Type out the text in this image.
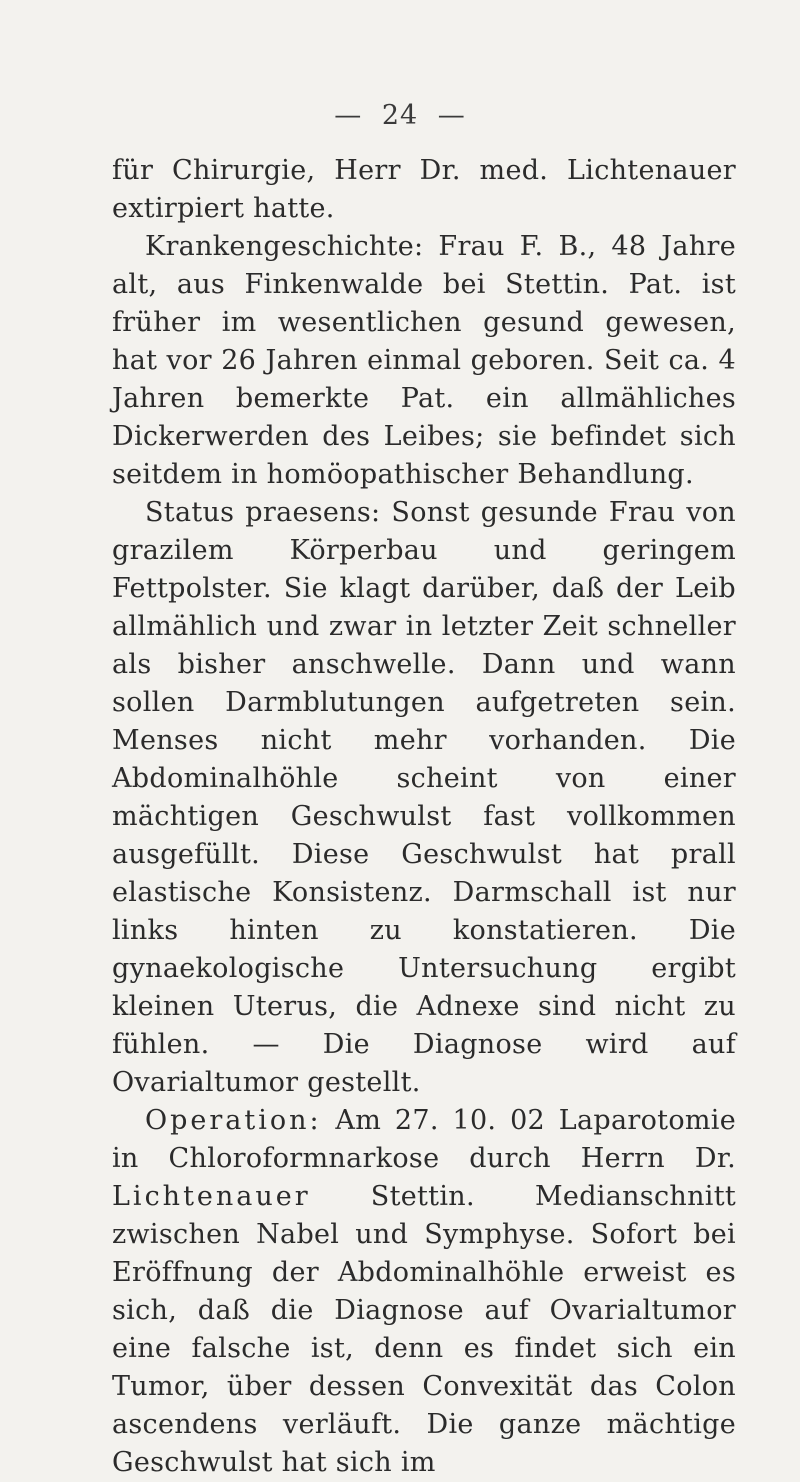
— 24 —

für Chirurgie, Herr Dr. med. Lichtenauer extirpiert hatte.

Krankengeschichte: Frau F. B., 48 Jahre alt, aus Finkenwalde bei Stettin. Pat. ist früher im wesentlichen gesund gewesen, hat vor 26 Jahren einmal geboren. Seit ca. 4 Jahren bemerkte Pat. ein allmähliches Dickerwerden des Leibes; sie befindet sich seitdem in homöopathischer Behandlung.

Status praesens: Sonst gesunde Frau von grazilem Körperbau und geringem Fettpolster. Sie klagt darüber, daß der Leib allmählich und zwar in letzter Zeit schneller als bisher anschwelle. Dann und wann sollen Darmblutungen aufgetreten sein. Menses nicht mehr vorhanden. Die Abdominalhöhle scheint von einer mächtigen Geschwulst fast vollkommen ausgefüllt. Diese Geschwulst hat prall elastische Konsistenz. Darmschall ist nur links hinten zu konstatieren. Die gynaekologische Untersuchung ergibt kleinen Uterus, die Adnexe sind nicht zu fühlen. — Die Diagnose wird auf Ovarialtumor gestellt.

Operation: Am 27. 10. 02 Laparotomie in Chloroformnarkose durch Herrn Dr. Lichtenauer Stettin. Medianschnitt zwischen Nabel und Symphyse. Sofort bei Eröffnung der Abdominalhöhle erweist es sich, daß die Diagnose auf Ovarialtumor eine falsche ist, denn es findet sich ein Tumor, über dessen Convexität das Colon ascendens verläuft. Die ganze mächtige Geschwulst hat sich im
